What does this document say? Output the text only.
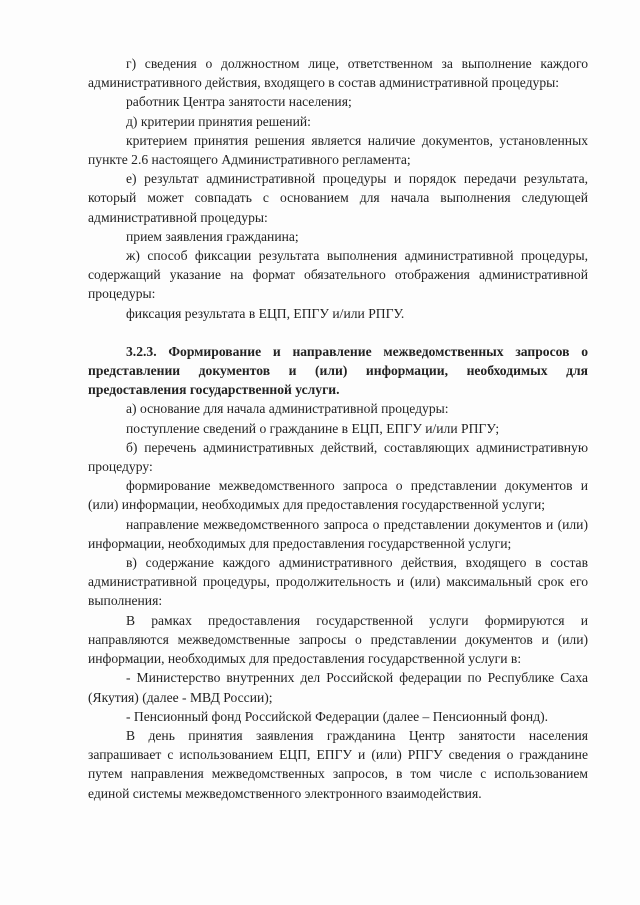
г) сведения о должностном лице, ответственном за выполнение каждого административного действия, входящего в состав административной процедуры:

работник Центра занятости населения;

д) критерии принятия решений:

критерием принятия решения является наличие документов, установленных пункте 2.6 настоящего Административного регламента;

е) результат административной процедуры и порядок передачи результата, который может совпадать с основанием для начала выполнения следующей административной процедуры:

прием заявления гражданина;

ж) способ фиксации результата выполнения административной процедуры, содержащий указание на формат обязательного отображения административной процедуры:

фиксация результата в ЕЦП, ЕПГУ и/или РПГУ.

3.2.3. Формирование и направление межведомственных запросов о представлении документов и (или) информации, необходимых для предоставления государственной услуги.

а) основание для начала административной процедуры:

поступление сведений о гражданине в ЕЦП, ЕПГУ и/или РПГУ;

б) перечень административных действий, составляющих административную процедуру:

формирование межведомственного запроса о представлении документов и (или) информации, необходимых для предоставления государственной услуги;

направление межведомственного запроса о представлении документов и (или) информации, необходимых для предоставления государственной услуги;

в) содержание каждого административного действия, входящего в состав административной процедуры, продолжительность и (или) максимальный срок его выполнения:

В рамках предоставления государственной услуги формируются и направляются межведомственные запросы о представлении документов и (или) информации, необходимых для предоставления государственной услуги в:

- Министерство внутренних дел Российской федерации по Республике Саха (Якутия) (далее - МВД России);

- Пенсионный фонд Российской Федерации (далее – Пенсионный фонд).

В день принятия заявления гражданина Центр занятости населения запрашивает с использованием ЕЦП, ЕПГУ и (или) РПГУ сведения о гражданине путем направления межведомственных запросов, в том числе с использованием единой системы межведомственного электронного взаимодействия.
